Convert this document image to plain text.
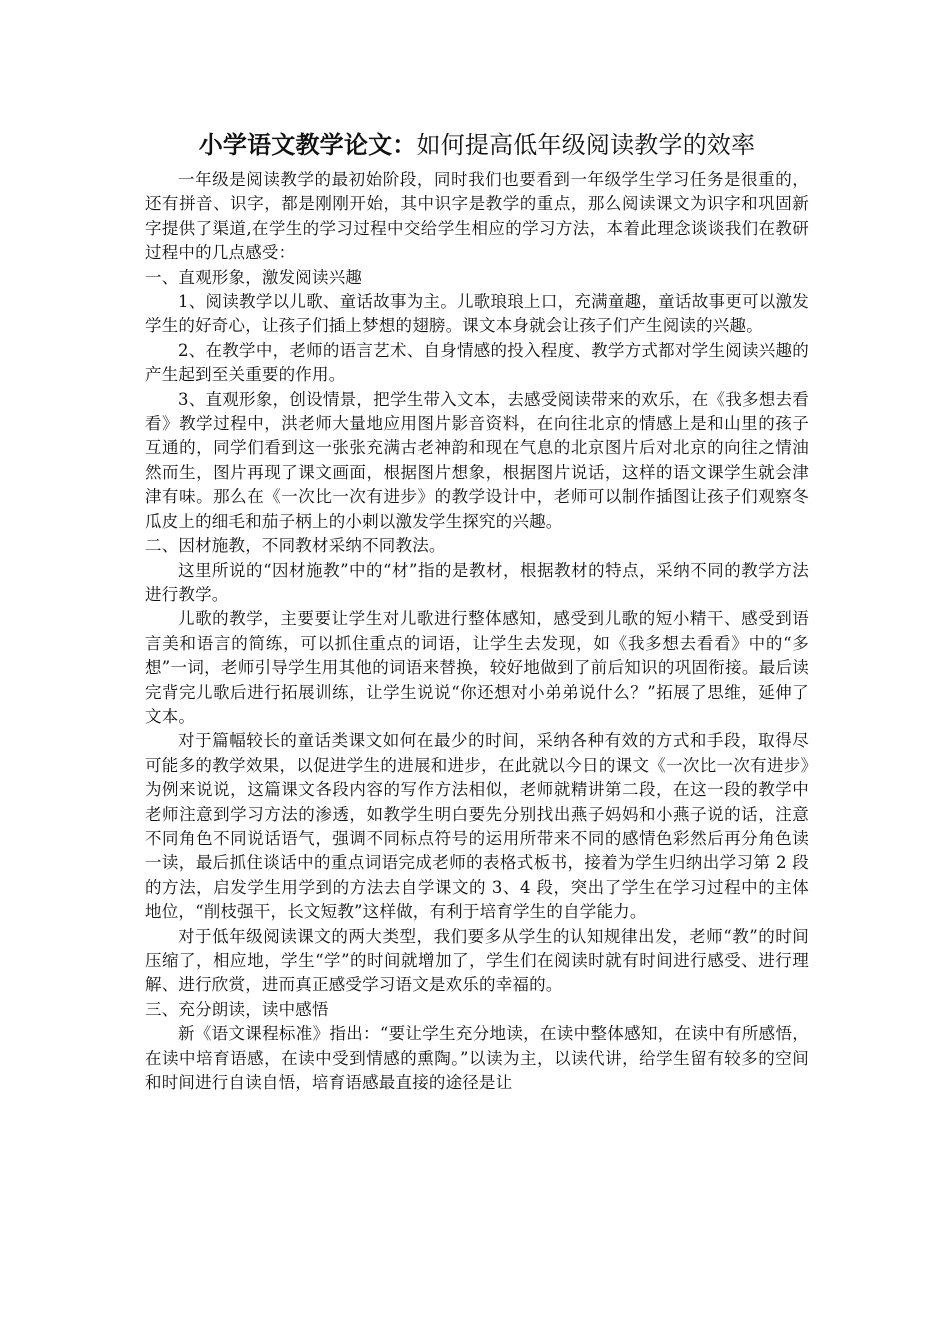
小学语文教学论文：如何提高低年级阅读教学的效率

一年级是阅读教学的最初始阶段，同时我们也要看到一年级学生学习任务是很重的，还有拼音、识字，都是刚刚开始，其中识字是教学的重点，那么阅读课文为识字和巩固新字提供了渠道,在学生的学习过程中交给学生相应的学习方法，本着此理念谈谈我们在教研过程中的几点感受：

一、直观形象，激发阅读兴趣

1、阅读教学以儿歌、童话故事为主。儿歌琅琅上口，充满童趣，童话故事更可以激发学生的好奇心，让孩子们插上梦想的翅膀。课文本身就会让孩子们产生阅读的兴趣。

2、在教学中，老师的语言艺术、自身情感的投入程度、教学方式都对学生阅读兴趣的产生起到至关重要的作用。

3、直观形象，创设情景，把学生带入文本，去感受阅读带来的欢乐，在《我多想去看看》教学过程中，洪老师大量地应用图片影音资料，在向往北京的情感上是和山里的孩子互通的，同学们看到这一张张充满古老神韵和现在气息的北京图片后对北京的向往之情油然而生，图片再现了课文画面，根据图片想象，根据图片说话，这样的语文课学生就会津津有味。那么在《一次比一次有进步》的教学设计中，老师可以制作插图让孩子们观察冬瓜皮上的细毛和茄子柄上的小刺以激发学生探究的兴趣。

二、因材施教，不同教材采纳不同教法。

这里所说的“因材施教”中的“材”指的是教材，根据教材的特点，采纳不同的教学方法进行教学。

儿歌的教学，主要要让学生对儿歌进行整体感知，感受到儿歌的短小精干、感受到语言美和语言的简练，可以抓住重点的词语，让学生去发现，如《我多想去看看》中的“多想”一词，老师引导学生用其他的词语来替换，较好地做到了前后知识的巩固衔接。最后读完背完儿歌后进行拓展训练，让学生说说“你还想对小弟弟说什么？”拓展了思维，延伸了文本。

对于篇幅较长的童话类课文如何在最少的时间，采纳各种有效的方式和手段，取得尽可能多的教学效果，以促进学生的进展和进步，在此就以今日的课文《一次比一次有进步》为例来说说，这篇课文各段内容的写作方法相似，老师就精讲第二段，在这一段的教学中老师注意到学习方法的渗透，如教学生明白要先分别找出燕子妈妈和小燕子说的话，注意不同角色不同说话语气，强调不同标点符号的运用所带来不同的感情色彩然后再分角色读一读，最后抓住谈话中的重点词语完成老师的表格式板书，接着为学生归纳出学习第 2 段的方法，启发学生用学到的方法去自学课文的 3、4 段，突出了学生在学习过程中的主体地位，“削枝强干，长文短教”这样做，有利于培育学生的自学能力。

对于低年级阅读课文的两大类型，我们要多从学生的认知规律出发，老师“教”的时间压缩了，相应地，学生“学”的时间就增加了，学生们在阅读时就有时间进行感受、进行理解、进行欣赏，进而真正感受学习语文是欢乐的幸福的。

三、充分朗读，读中感悟

新《语文课程标准》指出：“要让学生充分地读，在读中整体感知，在读中有所感悟，在读中培育语感，在读中受到情感的熏陶。”以读为主，以读代讲，给学生留有较多的空间和时间进行自读自悟，培育语感最直接的途径是让
